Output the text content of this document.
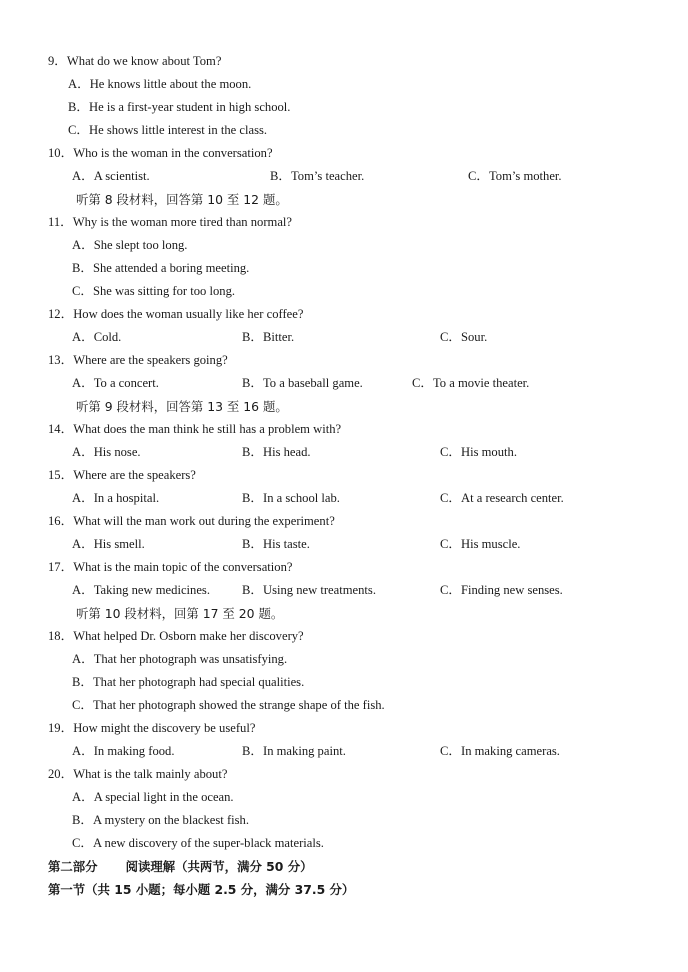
9．What do we know about Tom?
A．He knows little about the moon.
B．He is a first-year student in high school.
C．He shows little interest in the class.
10．Who is the woman in the conversation?
A．A scientist.	B．Tom’s teacher.	C．Tom’s mother.
听第 8 段材料，回答第 10 至 12 题。
11．Why is the woman more tired than normal?
A．She slept too long.
B．She attended a boring meeting.
C．She was sitting for too long.
12．How does the woman usually like her coffee?
A．Cold.	B．Bitter.	C．Sour.
13．Where are the speakers going?
A．To a concert.	B．To a baseball game.	C．To a movie theater.
听第 9 段材料，回答第 13 至 16 题。
14．What does the man think he still has a problem with?
A．His nose.	B．His head.	C．His mouth.
15．Where are the speakers?
A．In a hospital.	B．In a school lab.	C．At a research center.
16．What will the man work out during the experiment?
A．His smell.	B．His taste.	C．His muscle.
17．What is the main topic of the conversation?
A．Taking new medicines.	B．Using new treatments.	C．Finding new senses.
听第 10 段材料，回第 17 至 20 题。
18．What helped Dr. Osborn make her discovery?
A．That her photograph was unsatisfying.
B．That her photograph had special qualities.
C．That her photograph showed the strange shape of the fish.
19．How might the discovery be useful?
A．In making food.	B．In making paint.	C．In making cameras.
20．What is the talk mainly about?
A．A special light in the ocean.
B．A mystery on the blackest fish.
C．A new discovery of the super-black materials.
第二部分 阅读理解（共两节，满分 50 分）
第一节（共 15 小题；每小题 2.5 分，满分 37.5 分）
